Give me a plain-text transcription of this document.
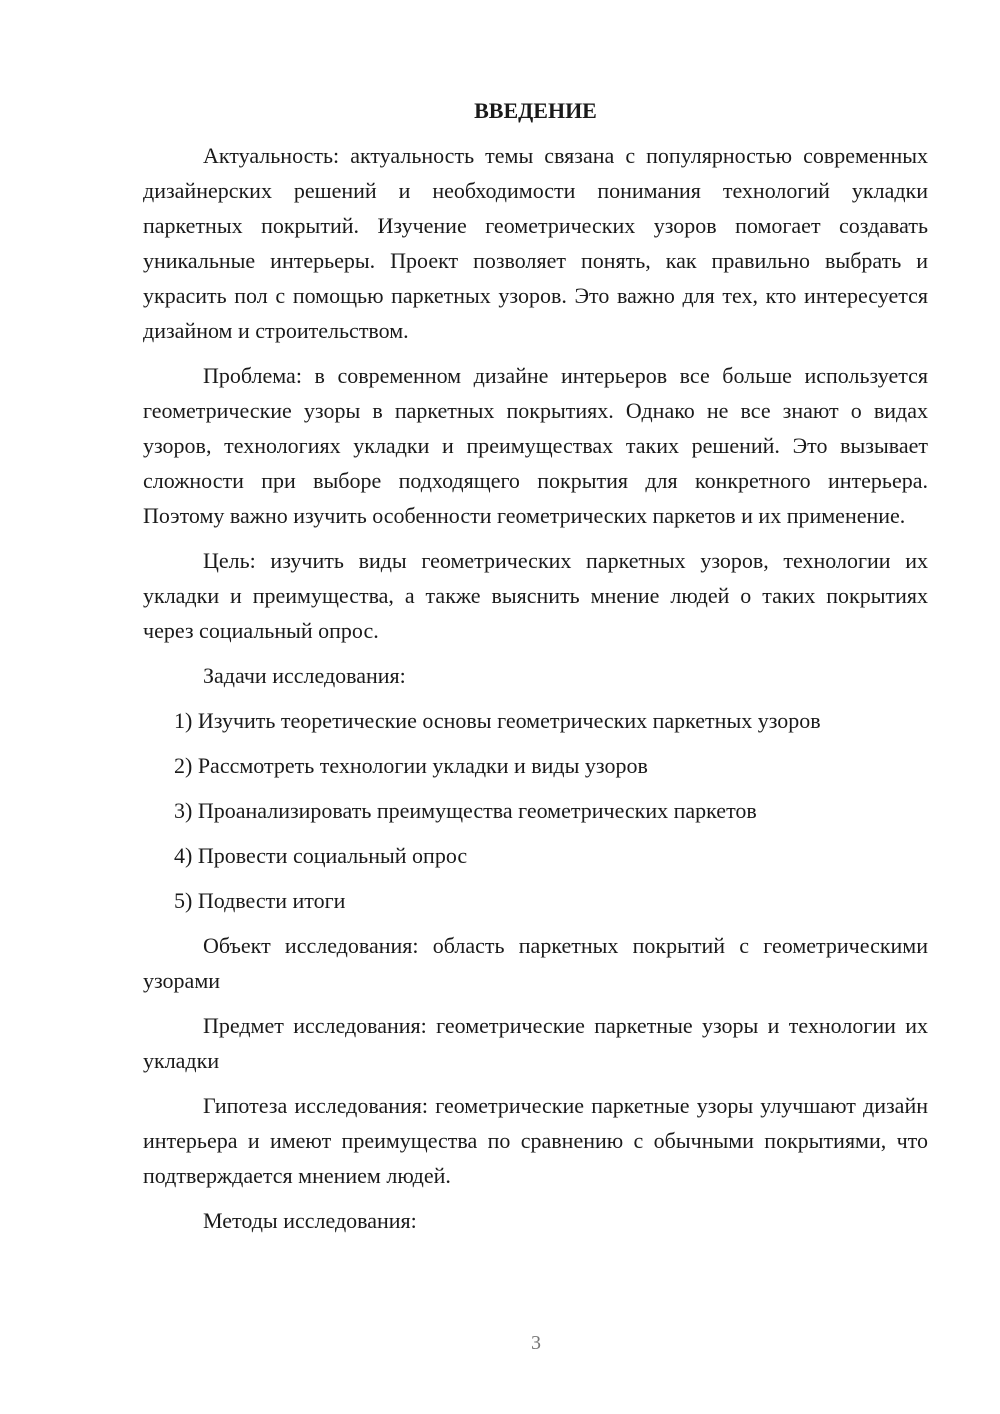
ВВЕДЕНИЕ

Актуальность: актуальность темы связана с популярностью современных дизайнерских решений и необходимости понимания технологий укладки паркетных покрытий. Изучение геометрических узоров помогает создавать уникальные интерьеры. Проект позволяет понять, как правильно выбрать и украсить пол с помощью паркетных узоров. Это важно для тех, кто интересуется дизайном и строительством.

Проблема: в современном дизайне интерьеров все больше используется геометрические узоры в паркетных покрытиях. Однако не все знают о видах узоров, технологиях укладки и преимуществах таких решений. Это вызывает сложности при выборе подходящего покрытия для конкретного интерьера. Поэтому важно изучить особенности геометрических паркетов и их применение.

Цель: изучить виды геометрических паркетных узоров, технологии их укладки и преимущества, а также выяснить мнение людей о таких покрытиях через социальный опрос.

Задачи исследования:

1) Изучить теоретические основы геометрических паркетных узоров
2) Рассмотреть технологии укладки и виды узоров
3) Проанализировать преимущества геометрических паркетов
4) Провести социальный опрос
5) Подвести итоги

Объект исследования: область паркетных покрытий с геометрическими узорами

Предмет исследования: геометрические паркетные узоры и технологии их укладки

Гипотеза исследования: геометрические паркетные узоры улучшают дизайн интерьера и имеют преимущества по сравнению с обычными покрытиями, что подтверждается мнением людей.

Методы исследования:

3
